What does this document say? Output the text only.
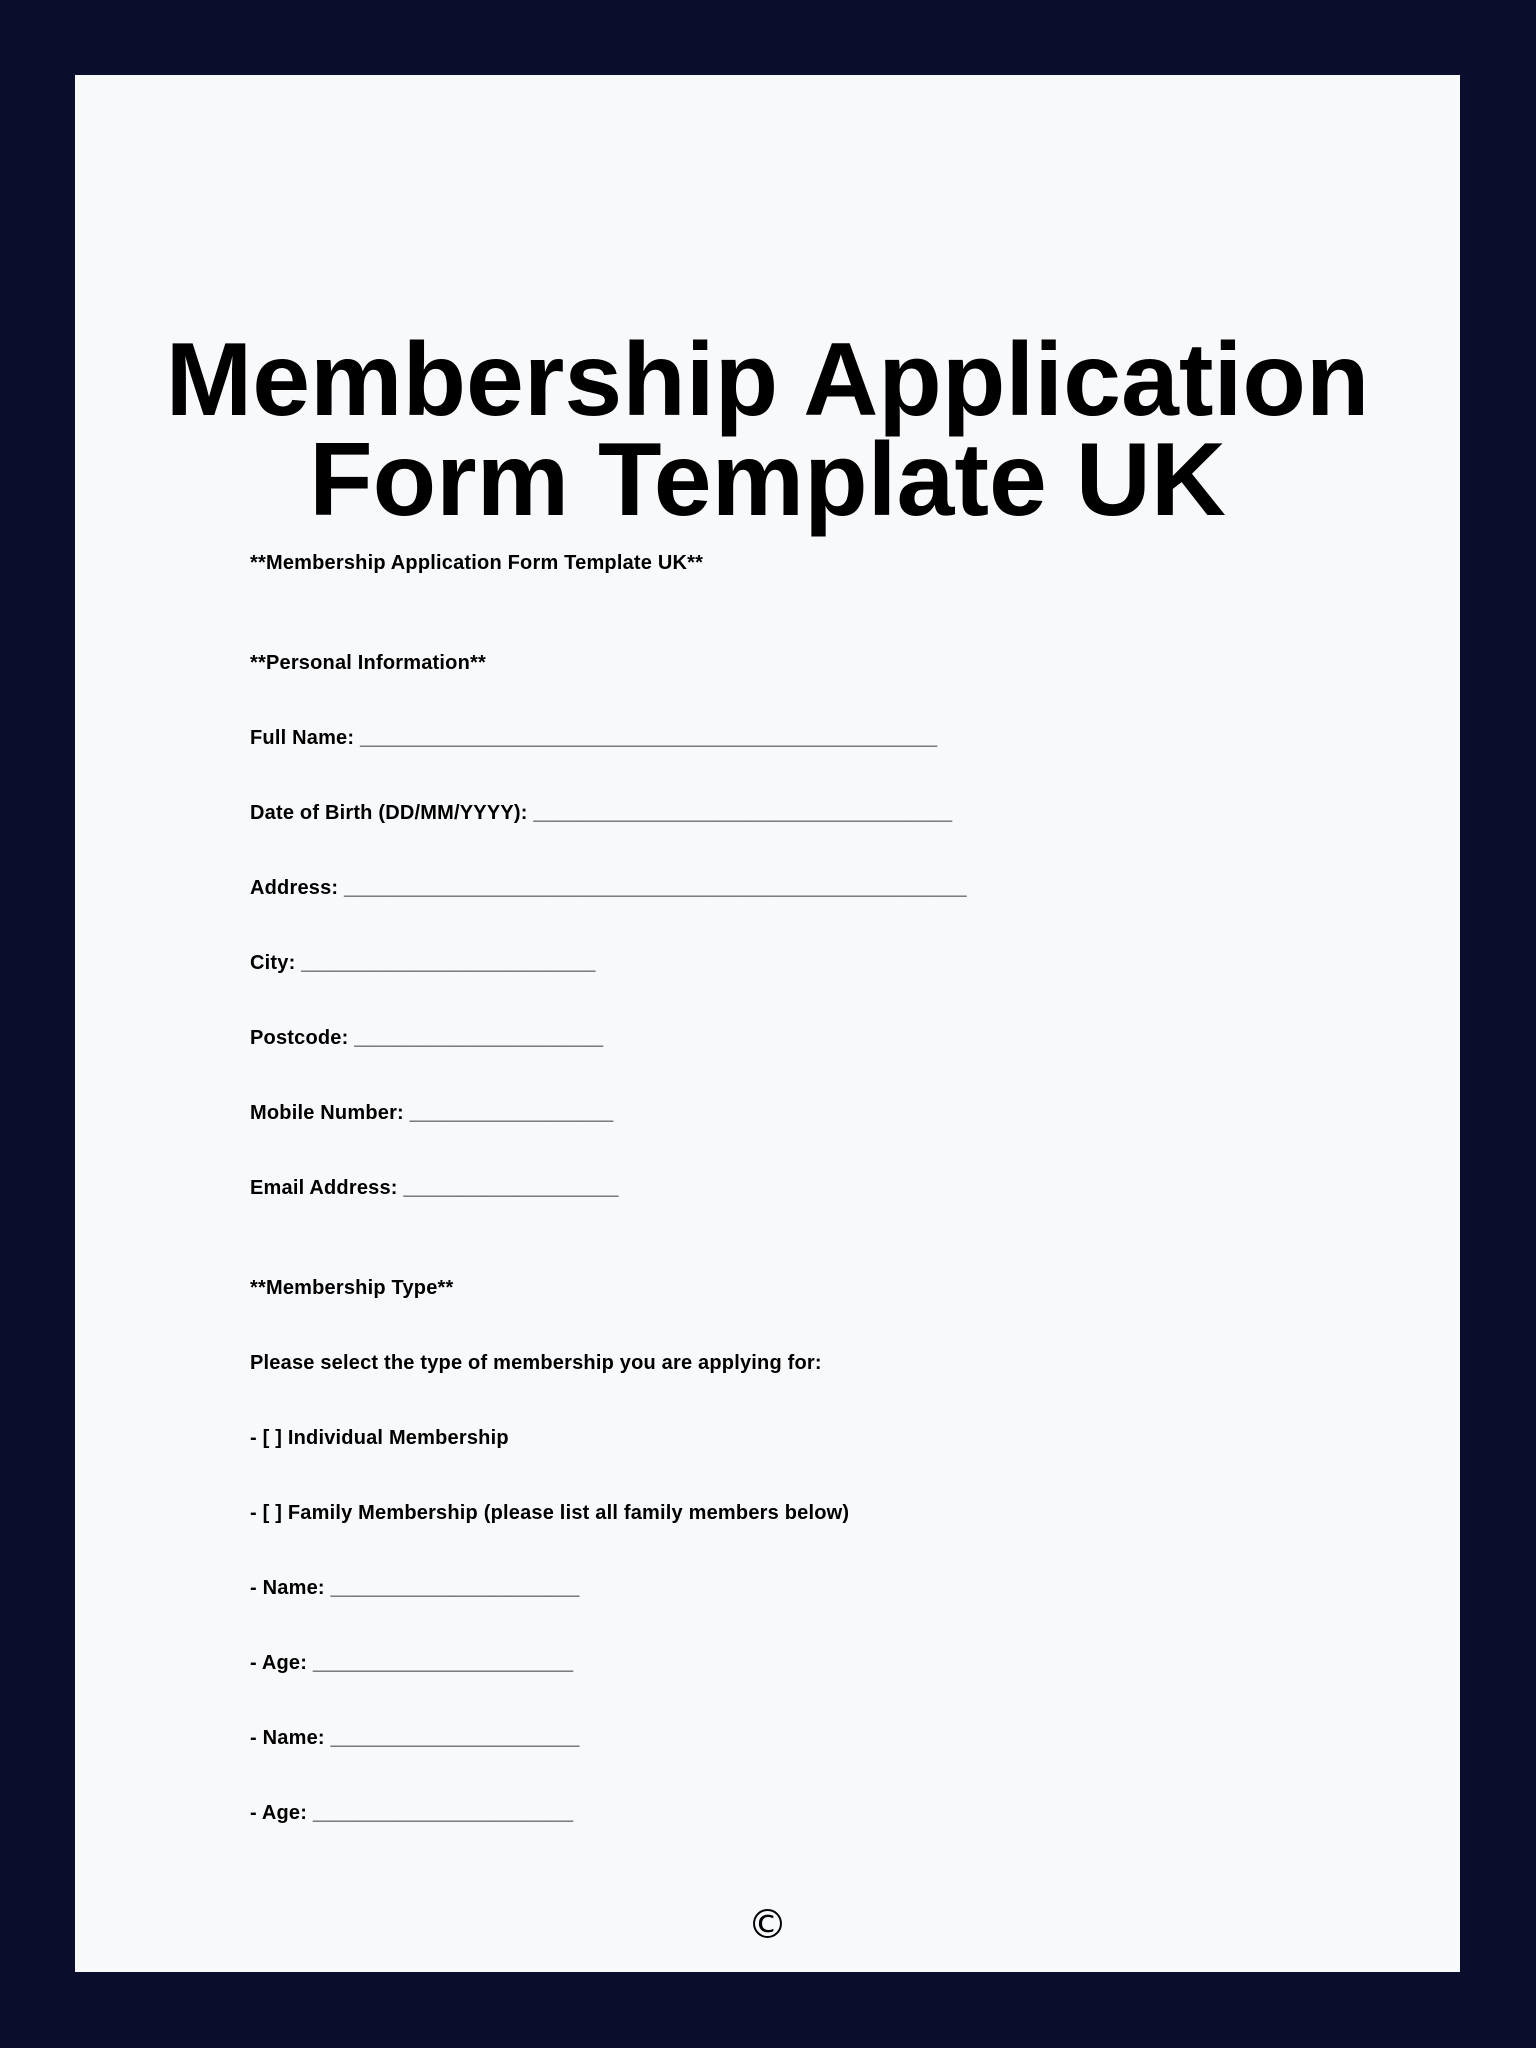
Membership Application
Form Template UK
**Membership Application Form Template UK**
**Personal Information**
Full Name: ___________________________________________________
Date of Birth (DD/MM/YYYY): _____________________________________
Address: _______________________________________________________
City: __________________________
Postcode: ______________________
Mobile Number: __________________
Email Address: ___________________
**Membership Type**
Please select the type of membership you are applying for:
- [ ] Individual Membership
- [ ] Family Membership (please list all family members below)
- Name: ______________________
- Age: _______________________
- Name: ______________________
- Age: _______________________
©
